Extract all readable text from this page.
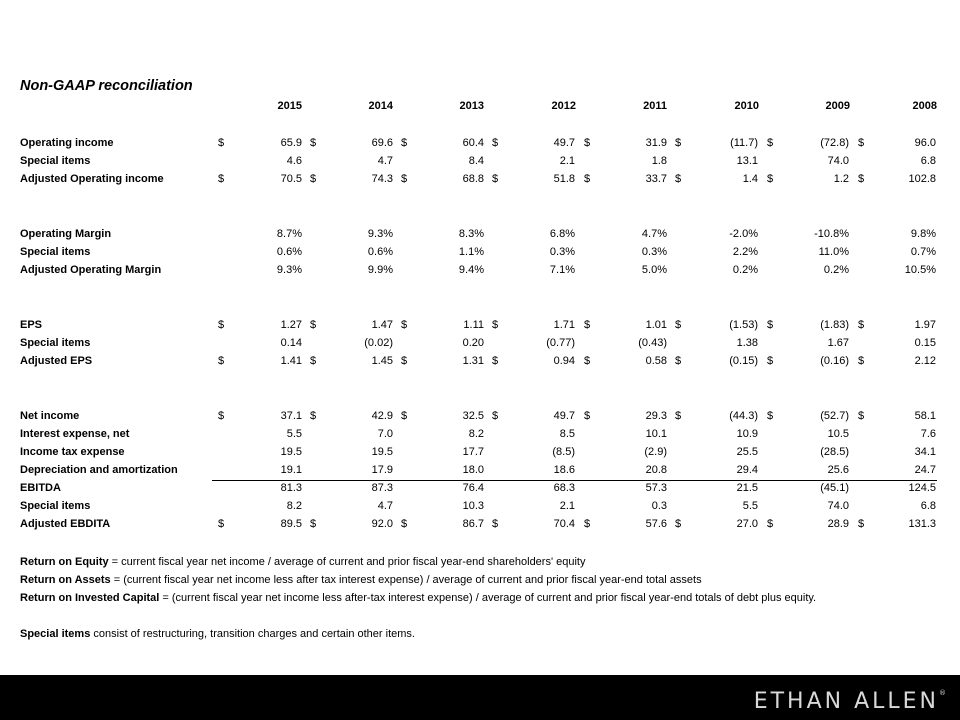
Non-GAAP reconciliation
2015	2014	2013	2012	2011	2010	2009	2008
Operating income	$	65.9 $	69.6 $	60.4 $	49.7 $	31.9 $	(11.7) $	(72.8) $	96.0
Special items	4.6	4.7	8.4	2.1	1.8	13.1	74.0	6.8
Adjusted Operating income	$	70.5 $	74.3 $	68.8 $	51.8 $	33.7 $	1.4 $	1.2 $	102.8
Operating Margin	8.7%	9.3%	8.3%	6.8%	4.7%	-2.0%	-10.8%	9.8%
Special items	0.6%	0.6%	1.1%	0.3%	0.3%	2.2%	11.0%	0.7%
Adjusted Operating Margin	9.3%	9.9%	9.4%	7.1%	5.0%	0.2%	0.2%	10.5%
EPS	$	1.27 $	1.47 $	1.11 $	1.71 $	1.01 $	(1.53) $	(1.83) $	1.97
Special items	0.14	(0.02)	0.20	(0.77)	(0.43)	1.38	1.67	0.15
Adjusted EPS	$	1.41 $	1.45 $	1.31 $	0.94 $	0.58 $	(0.15) $	(0.16) $	2.12
Net income	$	37.1 $	42.9 $	32.5 $	49.7 $	29.3 $	(44.3) $	(52.7) $	58.1
Interest expense, net	5.5	7.0	8.2	8.5	10.1	10.9	10.5	7.6
Income tax expense	19.5	19.5	17.7	(8.5)	(2.9)	25.5	(28.5)	34.1
Depreciation and amortization	19.1	17.9	18.0	18.6	20.8	29.4	25.6	24.7
EBITDA	81.3	87.3	76.4	68.3	57.3	21.5	(45.1)	124.5
Special items	8.2	4.7	10.3	2.1	0.3	5.5	74.0	6.8
Adjusted EBDITA	$	89.5 $	92.0 $	86.7 $	70.4 $	57.6 $	27.0 $	28.9 $	131.3
Return on Equity = current fiscal year net income / average of current and prior fiscal year-end shareholders' equity
Return on Assets = (current fiscal year net income less after tax interest expense) / average of current and prior fiscal year-end total assets
Return on Invested Capital = (current fiscal year net income less after-tax interest expense) / average of current and prior fiscal year-end totals of debt plus equity.
Special items consist of restructuring, transition charges and certain other items.
ETHAN ALLEN®
